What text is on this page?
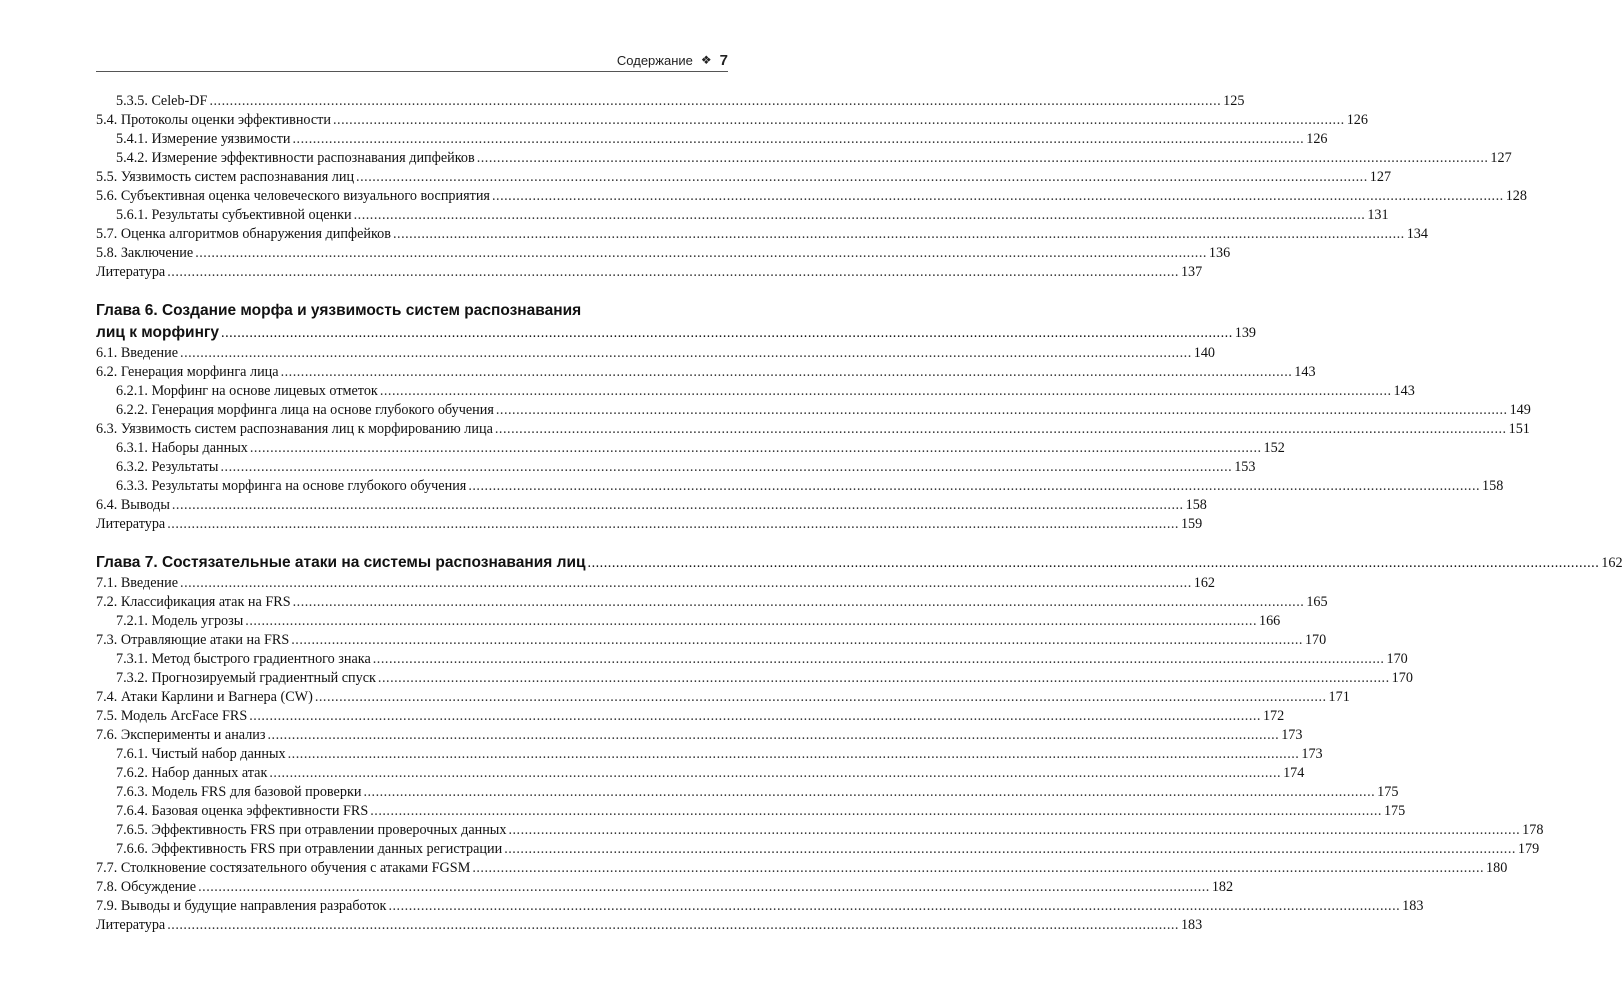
Содержание ❖ 7
5.3.5. Celeb-DF .....	125
5.4. Протоколы оценки эффективности .....	126
5.4.1. Измерение уязвимости .....	126
5.4.2. Измерение эффективности распознавания дипфейков .....	127
5.5. Уязвимость систем распознавания лиц .....	127
5.6. Субъективная оценка человеческого визуального восприятия .....	128
5.6.1. Результаты субъективной оценки .....	131
5.7. Оценка алгоритмов обнаружения дипфейков .....	134
5.8. Заключение .....	136
Литература .....	137
Глава 6. Создание морфа и уязвимость систем распознавания
лиц к морфингу .....	139
6.1. Введение .....	140
6.2. Генерация морфинга лица .....	143
6.2.1. Морфинг на основе лицевых отметок .....	143
6.2.2. Генерация морфинга лица на основе глубокого обучения .....	149
6.3. Уязвимость систем распознавания лиц к морфированию лица .....	151
6.3.1. Наборы данных .....	152
6.3.2. Результаты .....	153
6.3.3. Результаты морфинга на основе глубокого обучения .....	158
6.4. Выводы .....	158
Литература .....	159
Глава 7. Состязательные атаки на системы распознавания лиц .....	162
7.1. Введение .....	162
7.2. Классификация атак на FRS .....	165
7.2.1. Модель угрозы .....	166
7.3. Отравляющие атаки на FRS .....	170
7.3.1. Метод быстрого градиентного знака .....	170
7.3.2. Прогнозируемый градиентный спуск .....	170
7.4. Атаки Карлини и Вагнера (CW) .....	171
7.5. Модель ArcFace FRS .....	172
7.6. Эксперименты и анализ .....	173
7.6.1. Чистый набор данных .....	173
7.6.2. Набор данных атак .....	174
7.6.3. Модель FRS для базовой проверки .....	175
7.6.4. Базовая оценка эффективности FRS .....	175
7.6.5. Эффективность FRS при отравлении проверочных данных .....	178
7.6.6. Эффективность FRS при отравлении данных регистрации .....	179
7.7. Столкновение состязательного обучения с атаками FGSM .....	180
7.8. Обсуждение .....	182
7.9. Выводы и будущие направления разработок .....	183
Литература .....	183
